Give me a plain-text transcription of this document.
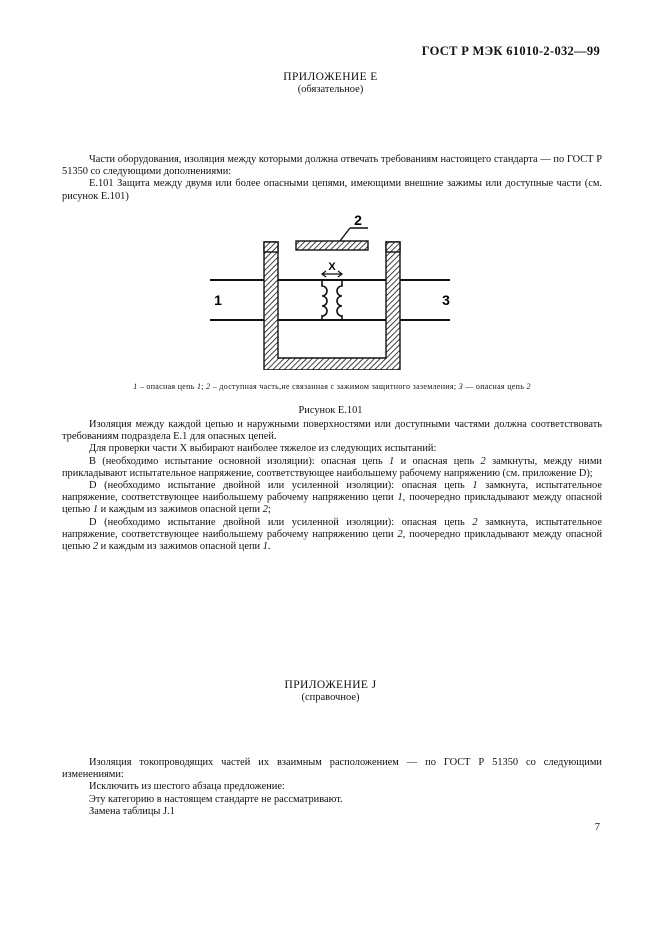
ГОСТ Р МЭК 61010-2-032—99
ПРИЛОЖЕНИЕ Е
(обязательное)

Части оборудования, изоляция между которыми должна отвечать требованиям настоящего стандарта — по ГОСТ Р 51350 со следующими дополнениями:

Е.101 Защита между двумя или более опасными цепями, имеющими внешние зажимы или доступные части (см. рисунок Е.101)

X
2
1	3
1 – опасная цепь 1; 2 – доступная часть,не связанная с зажимом защитного заземления; 3 — опасная цепь 2
Рисунок Е.101

Изоляция между каждой цепью и наружными поверхностями или доступными частями должна соответствовать требованиям подраздела Е.1 для опасных цепей.

Для проверки части X выбирают наиболее тяжелое из следующих испытаний:

В (необходимо испытание основной изоляции): опасная цепь 1 и опасная цепь 2 замкнуты, между ними прикладывают испытательное напряжение, соответствующее наибольшему рабочему напряжению (см. приложение D);

D (необходимо испытание двойной или усиленной изоляции): опасная цепь 1 замкнута, испытательное напряжение, соответствующее наибольшему рабочему напряжению цепи 1, поочередно прикладывают между опасной цепью 1 и каждым из зажимов опасной цепи 2;

D (необходимо испытание двойной или усиленной изоляции): опасная цепь 2 замкнута, испытательное напряжение, соответствующее наибольшему рабочему напряжению цепи 2, поочередно прикладывают между опасной цепью 2 и каждым из зажимов опасной цепи 1.

ПРИЛОЖЕНИЕ J
(справочное)

Изоляция токопроводящих частей их взаимным расположением — по ГОСТ Р 51350 со следующими изменениями:

Исключить из шестого абзаца предложение:

Эту категорию в настоящем стандарте не рассматривают.

Замена таблицы J.1

7
